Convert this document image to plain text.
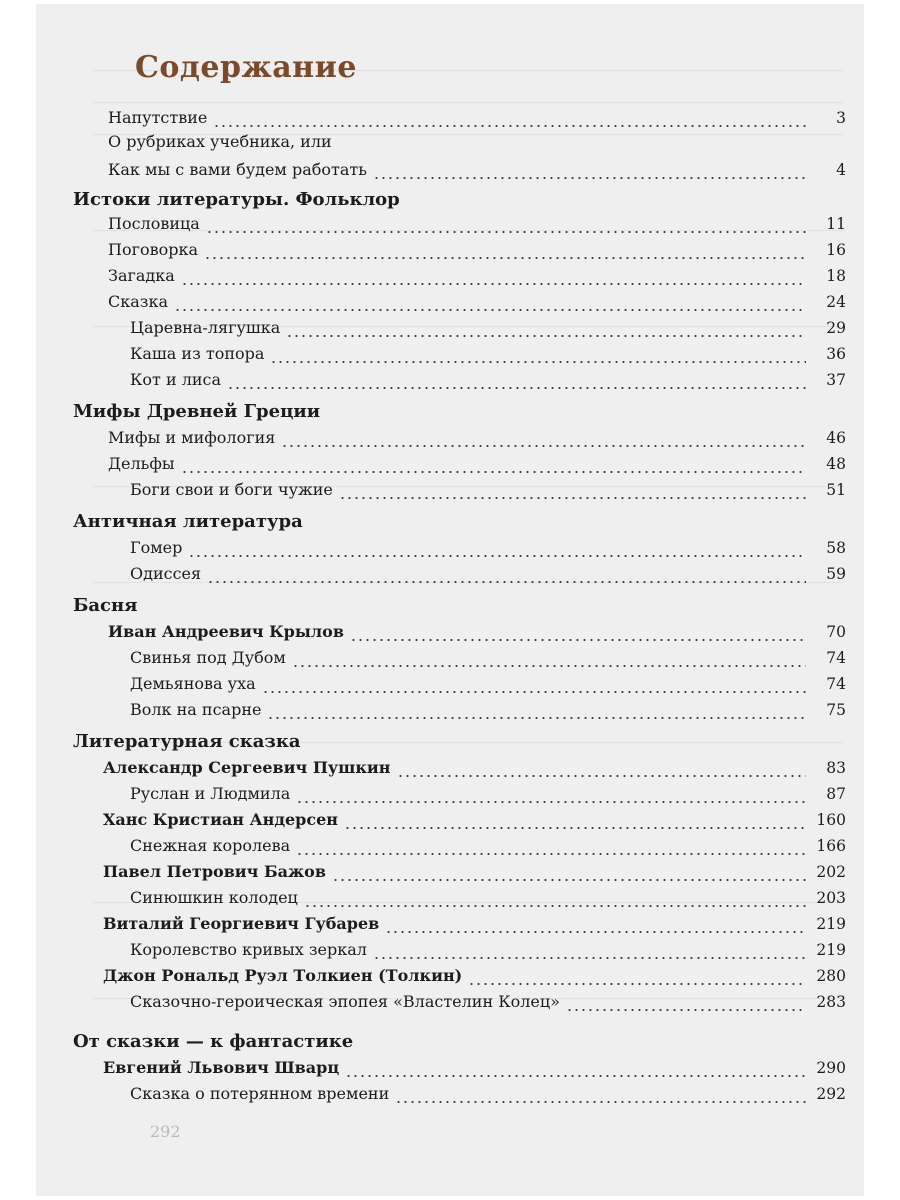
Содержание
Напутствие	3
О рубриках учебника, или
Как мы с вами будем работать	4
Истоки литературы. Фольклор
Пословица	11
Поговорка	16
Загадка	18
Сказка	24
Царевна-лягушка	29
Каша из топора	36
Кот и лиса	37
Мифы Древней Греции
Мифы и мифология	46
Дельфы	48
Боги свои и боги чужие	51
Античная литература
Гомер	58
Одиссея	59
Басня
Иван Андреевич Крылов	70
Свинья под Дубом	74
Демьянова уха	74
Волк на псарне	75
Литературная сказка
Александр Сергеевич Пушкин	83
Руслан и Людмила	87
Ханс Кристиан Андерсен	160
Снежная королева	166
Павел Петрович Бажов	202
Синюшкин колодец	203
Виталий Георгиевич Губарев	219
Королевство кривых зеркал	219
Джон Рональд Руэл Толкиен (Толкин)	280
Сказочно-героическая эпопея «Властелин Колец»	283
От сказки — к фантастике
Евгений Львович Шварц	290
Сказка о потерянном времени	292
292
